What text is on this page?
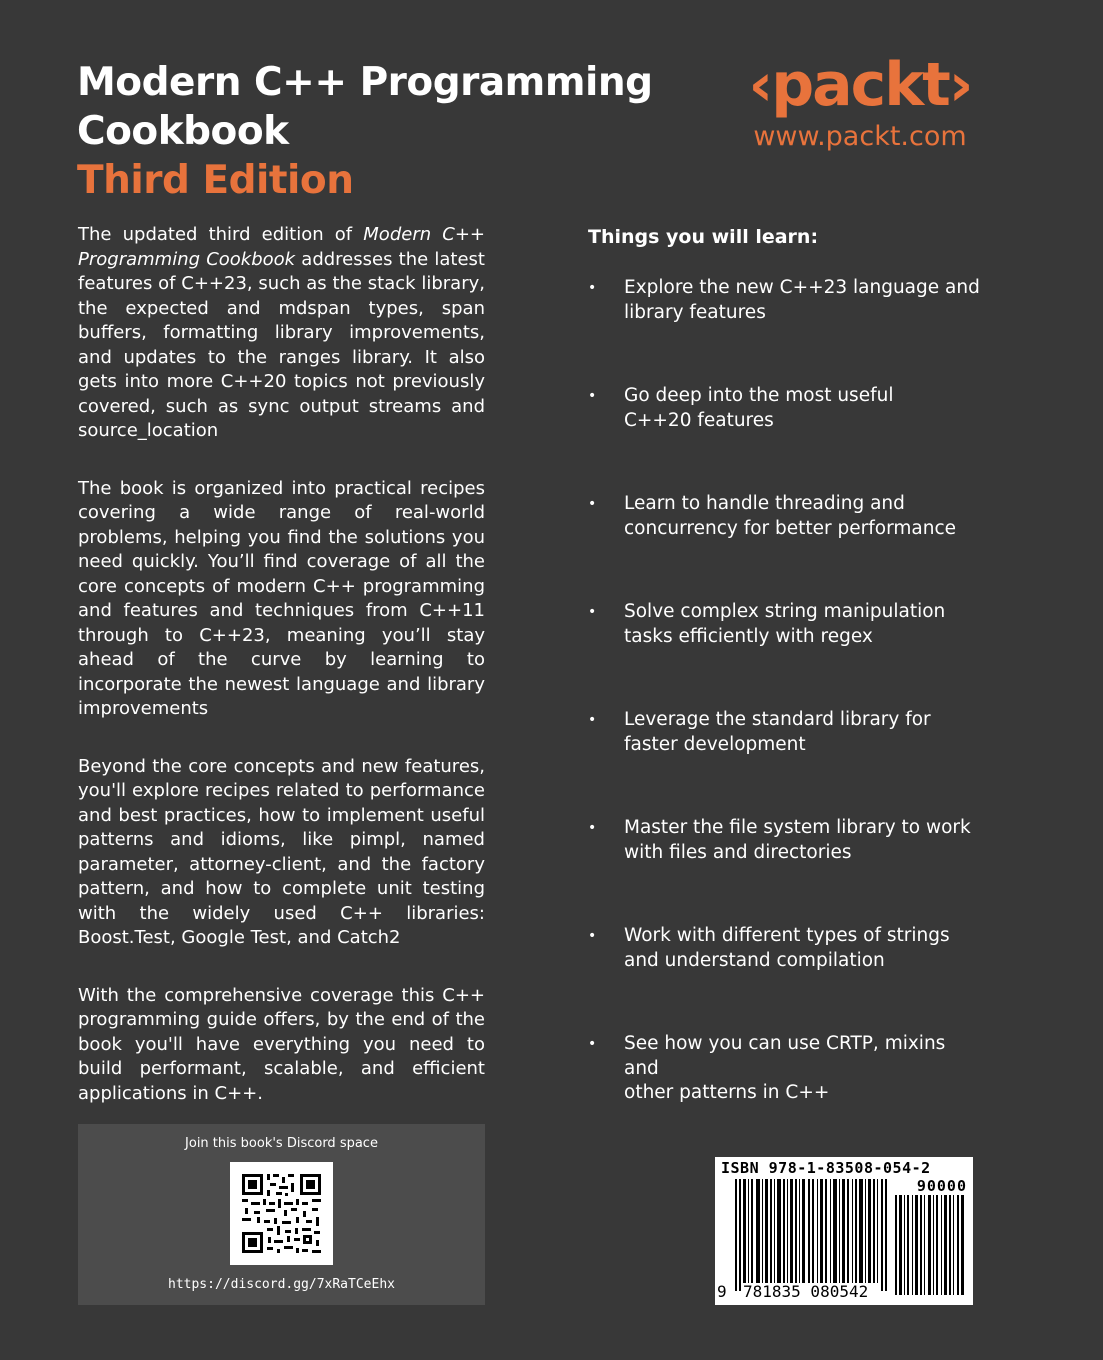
Modern C++ Programming
Cookbook
Third Edition
‹packt›
www.packt.com

The updated third edition of Modern C++ Programming Cookbook addresses the latest features of C++23, such as the stack library, the expected and mdspan types, span buffers, formatting library improvements, and updates to the ranges library. It also gets into more C++20 topics not previously covered, such as sync output streams and source_location

The book is organized into practical recipes covering a wide range of real-world problems, helping you find the solutions you need quickly. You’ll find coverage of all the core concepts of modern C++ programming and features and techniques from C++11 through to C++23, meaning you’ll stay ahead of the curve by learning to incorporate the newest language and library improvements

Beyond the core concepts and new features, you'll explore recipes related to performance and best practices, how to implement useful patterns and idioms, like pimpl, named parameter, attorney-client, and the factory pattern, and how to complete unit testing with the widely used C++ libraries: Boost.Test, Google Test, and Catch2

With the comprehensive coverage this C++ programming guide offers, by the end of the book you'll have everything you need to build performant, scalable, and efficient applications in C++.

Things you will learn:
• Explore the new C++23 language and
library features
• Go deep into the most useful
C++20 features
• Learn to handle threading and
concurrency for better performance
• Solve complex string manipulation
tasks efficiently with regex
• Leverage the standard library for
faster development
• Master the file system library to work
with files and directories
• Work with different types of strings
and understand compilation
• See how you can use CRTP, mixins and
other patterns in C++
Join this book's Discord space
https://discord.gg/7xRaTCeEhx
ISBN 978-1-83508-054-2
90000
9 781835 080542
